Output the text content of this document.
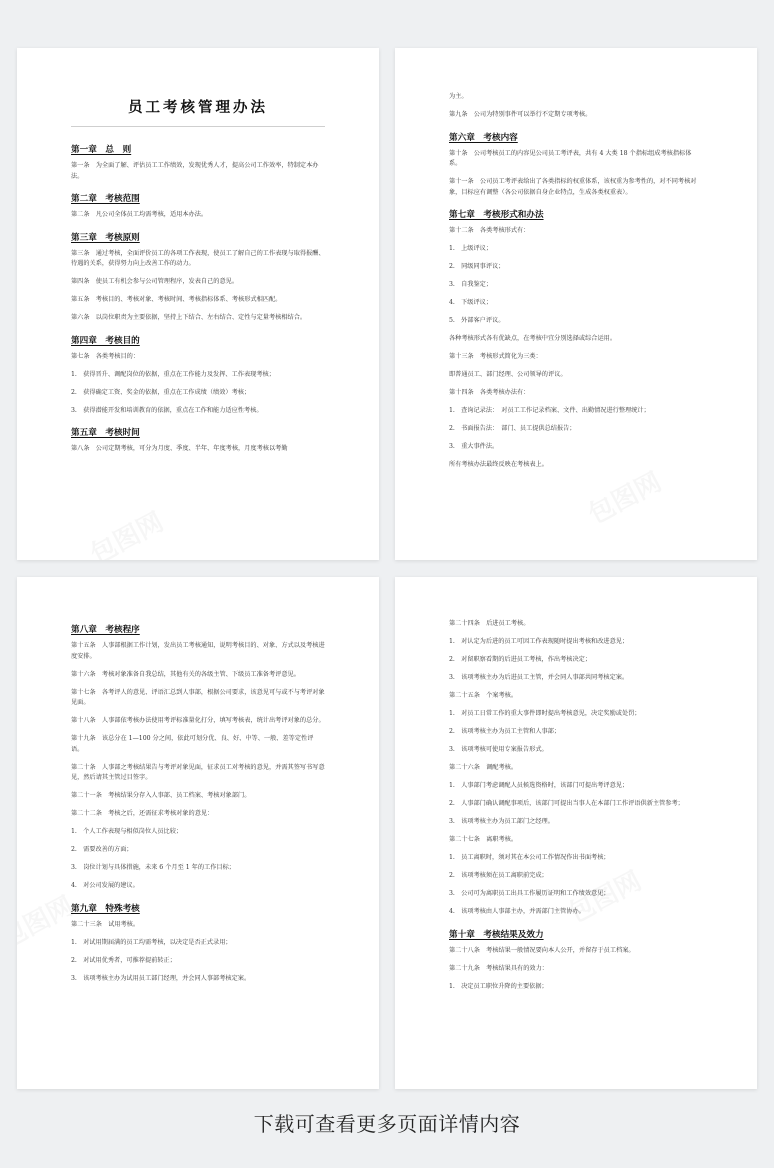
员工考核管理办法
第一章　总　则
第一条　为全面了解、评估员工工作绩效，发现优秀人才，提高公司工作效率，特制定本办法。
第二章　考核范围
第二条　凡公司全体员工均需考核，适用本办法。
第三章　考核原则
第三条　通过考核，全面评价员工的各项工作表现，使员工了解自己的工作表现与取得报酬、待遇的关系，获得努力向上改善工作的动力。
第四条　使员工有机会参与公司管理程序，发表自己的意见。
第五条　考核目的、考核对象、考核时间、考核指标体系、考核形式相匹配。
第六条　以岗位职责为主要依据，坚持上下结合、左右结合、定性与定量考核相结合。
第四章　考核目的
第七条　各类考核目的：
1.　获得晋升、调配岗位的依据，重点在工作能力及发挥、工作表现考核；
2.　获得确定工资、奖金的依据，重点在工作成绩（绩效）考核；
3.　获得潜能开发和培训教育的依据，重点在工作和能力适应性考核。
第五章　考核时间
第八条　公司定期考核，可分为月度、季度、半年、年度考核，月度考核以考勤
为主。
第九条　公司为特别事件可以举行不定期专项考核。
第六章　考核内容
第十条　公司考核员工的内容见公司员工考评表，共有 4 大类 18 个指标组成考核指标体系。
第十一条　公司员工考评表给出了各类指标的权重体系，该权重为参考性的，对不同考核对象，目标应有调整（各公司依据自身企业特点，生成各类权重表）。
第七章　考核形式和办法
第十二条　各类考核形式有：
1.　上级评议；
2.　同级同事评议；
3.　自我鉴定；
4.　下级评议；
5.　外部客户评议。
各种考核形式各有优缺点，在考核中宜分别选择或综合运用。
第十三条　考核形式简化为三类：
即普通员工、部门经理、公司领导的评议。
第十四条　各类考核办法有：
1.　查询记录法：　对员工工作记录档案、文件、出勤情况进行整理统计；
2.　书面报告法：　部门、员工提供总结报告；
3.　重大事件法。
所有考核办法最终反映在考核表上。
第八章　考核程序
第十五条　人事部根据工作计划，发出员工考核通知，说明考核目的、对象、方式以及考核进度安排。
第十六条　考核对象准备自我总结，其他有关的各级主管、下级员工准备考评意见。
第十七条　各考评人的意见、评语汇总到人事部，根据公司要求，该意见可与或不与考评对象见面。
第十八条　人事部依考核办法使用考评标准量化打分，填写考核表，统计出考评对象的总分。
第十九条　该总分在 1—100 分之间，依此可划分优、良、好、中等、一般、差等定性评语。
第二十条　人事部之考核结果告与考评对象见面，征求员工对考核的意见，并需其签写书写意见，然后请其主管过目签字。
第二十一条　考核结果分存入人事部、员工档案、考核对象部门。
第二十二条　考核之后，还需征求考核对象的意见：
1.　个人工作表现与相似岗位人员比较；
2.　需要改善的方面；
3.　岗位计划与具体措施，未来 6 个月至 1 年的工作目标；
4.　对公司发展的建议。
第九章　特殊考核
第二十三条　试用考核。
1.　对试用期届满的员工均需考核，以决定是否正式录用；
2.　对试用优秀者，可推荐提前转正；
3.　该项考核主办为试用员工部门经理，并会同人事部考核定案。
第二十四条　后进员工考核。
1.　对认定为后进的员工可因工作表现随时提出考核和改进意见；
2.　对留职察看期的后进员工考核，作出考核决定；
3.　该项考核主办为后进员工主管，并会同人事部共同考核定案。
第二十五条　个案考核。
1.　对员工日常工作的重大事件即时提出考核意见，决定奖励或处罚；
2.　该项考核主办为员工主管和人事部；
3.　该项考核可使用专案报告形式。
第二十六条　调配考核。
1.　人事部门考虑调配人员候选资格时，该部门可提出考评意见；
2.　人事部门确认调配事项后，该部门可提出当事人在本部门工作评语供新主管参考；
3.　该项考核主办为员工部门之经理。
第二十七条　离职考核。
1.　员工离职时，须对其在本公司工作情况作出书面考核；
2.　该项考核须在员工离职前完成；
3.　公司可为离职员工出具工作履历证明和工作绩效意见；
4.　该项考核由人事部主办，并需部门主管协办。
第十章　考核结果及效力
第二十八条　考核结果一般情况要向本人公开，并留存于员工档案。
第二十九条　考核结果具有的效力：
1.　决定员工职位升降的主要依据；
下载可查看更多页面详情内容
